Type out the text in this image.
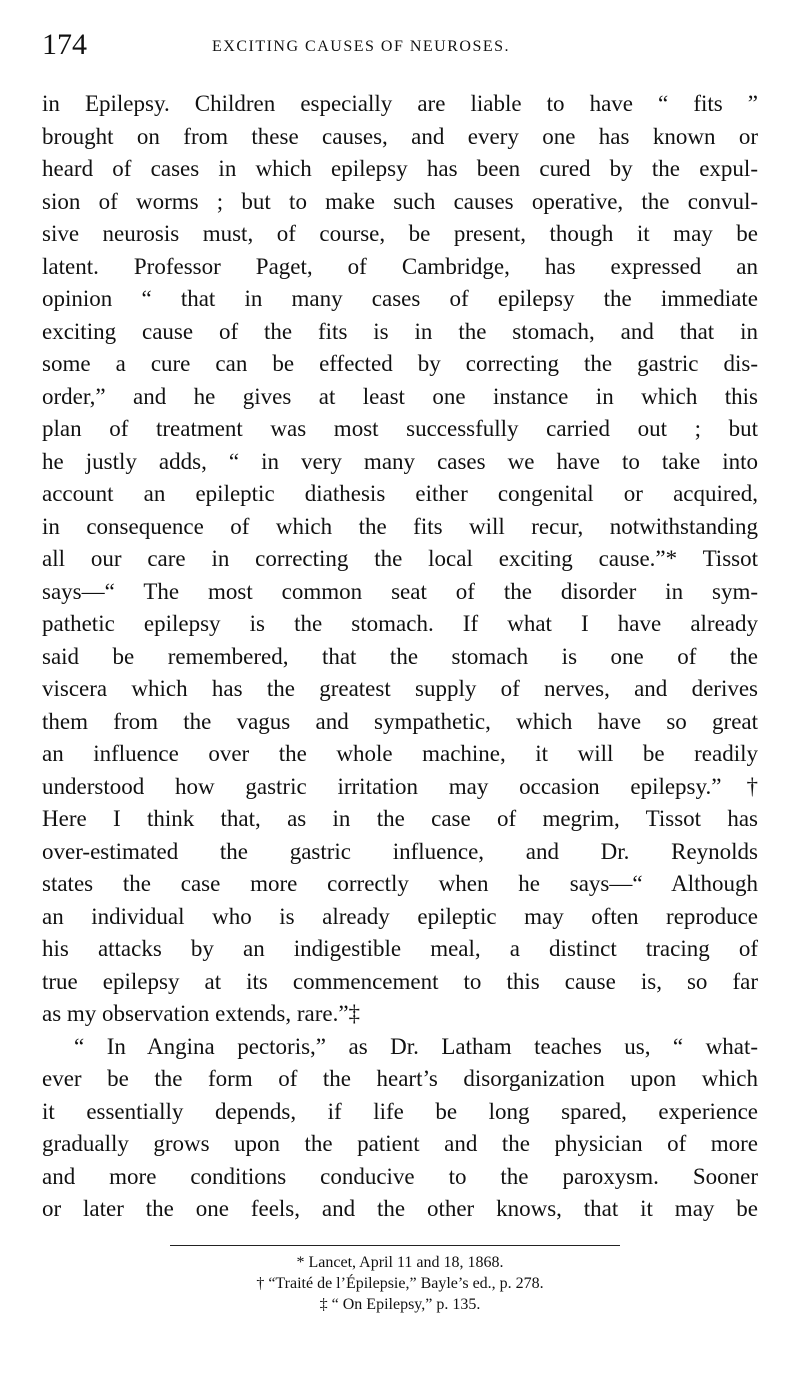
174	EXCITING CAUSES OF NEUROSES.
in Epilepsy. Children especially are liable to have “ fits ”
brought on from these causes, and every one has known or
heard of cases in which epilepsy has been cured by the expul-
sion of worms ; but to make such causes operative, the convul-
sive neurosis must, of course, be present, though it may be
latent. Professor Paget, of Cambridge, has expressed an
opinion “ that in many cases of epilepsy the immediate
exciting cause of the fits is in the stomach, and that in
some a cure can be effected by correcting the gastric dis-
order,” and he gives at least one instance in which this
plan of treatment was most successfully carried out ; but
he justly adds, “ in very many cases we have to take into
account an epileptic diathesis either congenital or acquired,
in consequence of which the fits will recur, notwithstanding
all our care in correcting the local exciting cause.”* Tissot
says—“ The most common seat of the disorder in sym-
pathetic epilepsy is the stomach. If what I have already
said be remembered, that the stomach is one of the
viscera which has the greatest supply of nerves, and derives
them from the vagus and sympathetic, which have so great
an influence over the whole machine, it will be readily
understood how gastric irritation may occasion epilepsy.”†
Here I think that, as in the case of megrim, Tissot has
over-estimated the gastric influence, and Dr. Reynolds
states the case more correctly when he says—“ Although
an individual who is already epileptic may often reproduce
his attacks by an indigestible meal, a distinct tracing of
true epilepsy at its commencement to this cause is, so far
as my observation extends, rare.”‡
“ In Angina pectoris,” as Dr. Latham teaches us, “ what-
ever be the form of the heart’s disorganization upon which
it essentially depends, if life be long spared, experience
gradually grows upon the patient and the physician of more
and more conditions conducive to the paroxysm. Sooner
or later the one feels, and the other knows, that it may be
* Lancet, April 11 and 18, 1868.
† “Traité de l’Épilepsie,” Bayle’s ed., p. 278.
‡ “ On Epilepsy,” p. 135.
